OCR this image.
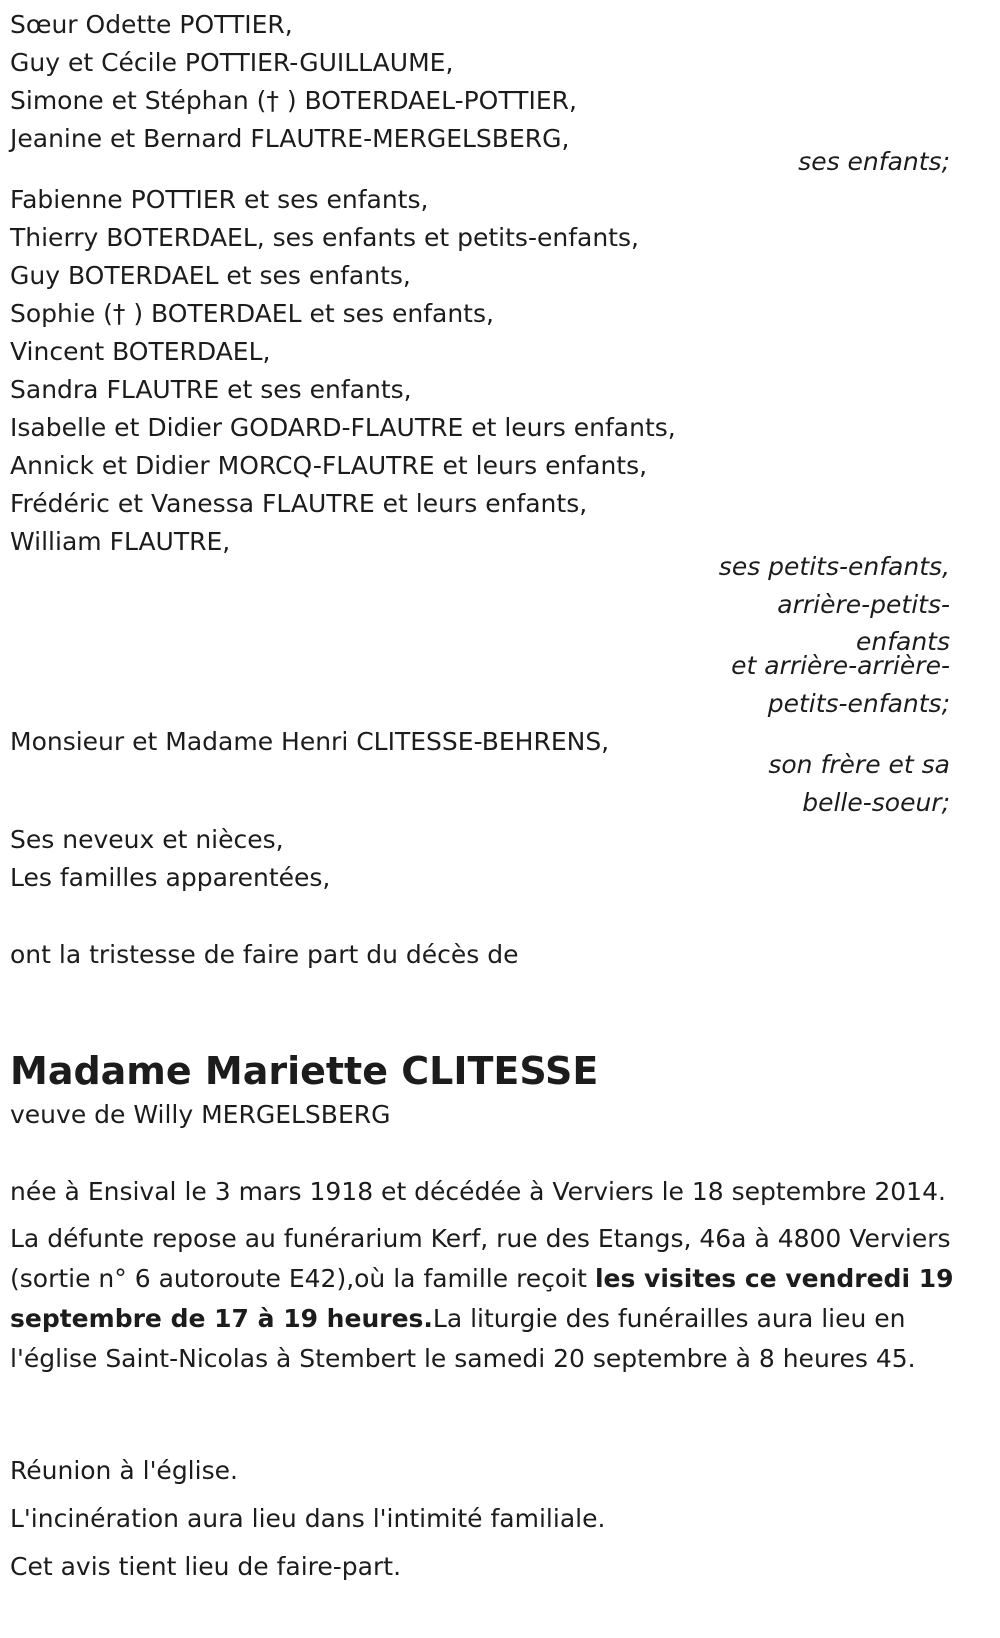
Sœur Odette POTTIER,
Guy et Cécile POTTIER-GUILLAUME,
Simone et Stéphan († ) BOTERDAEL-POTTIER,
Jeanine et Bernard FLAUTRE-MERGELSBERG,
ses enfants;
Fabienne POTTIER et ses enfants,
Thierry BOTERDAEL, ses enfants et petits-enfants,
Guy BOTERDAEL et ses enfants,
Sophie († ) BOTERDAEL et ses enfants,
Vincent BOTERDAEL,
Sandra FLAUTRE et ses enfants,
Isabelle et Didier GODARD-FLAUTRE et leurs enfants,
Annick et Didier MORCQ-FLAUTRE et leurs enfants,
Frédéric et Vanessa FLAUTRE et leurs enfants,
William FLAUTRE,
ses petits-enfants,
arrière-petits-
enfants
et arrière-arrière-
petits-enfants;
Monsieur et Madame Henri CLITESSE-BEHRENS,
son frère et sa
belle-soeur;
Ses neveux et nièces,
Les familles apparentées,
ont la tristesse de faire part du décès de
Madame Mariette CLITESSE
veuve de Willy MERGELSBERG
née à Ensival le 3 mars 1918 et décédée à Verviers le 18 septembre 2014.
La défunte repose au funérarium Kerf, rue des Etangs, 46a à 4800 Verviers (sortie n° 6 autoroute E42),où la famille reçoit les visites ce vendredi 19 septembre de 17 à 19 heures.La liturgie des funérailles aura lieu en l'église Saint-Nicolas à Stembert le samedi 20 septembre à 8 heures 45.
Réunion à l'église.
L'incinération aura lieu dans l'intimité familiale.
Cet avis tient lieu de faire-part.
